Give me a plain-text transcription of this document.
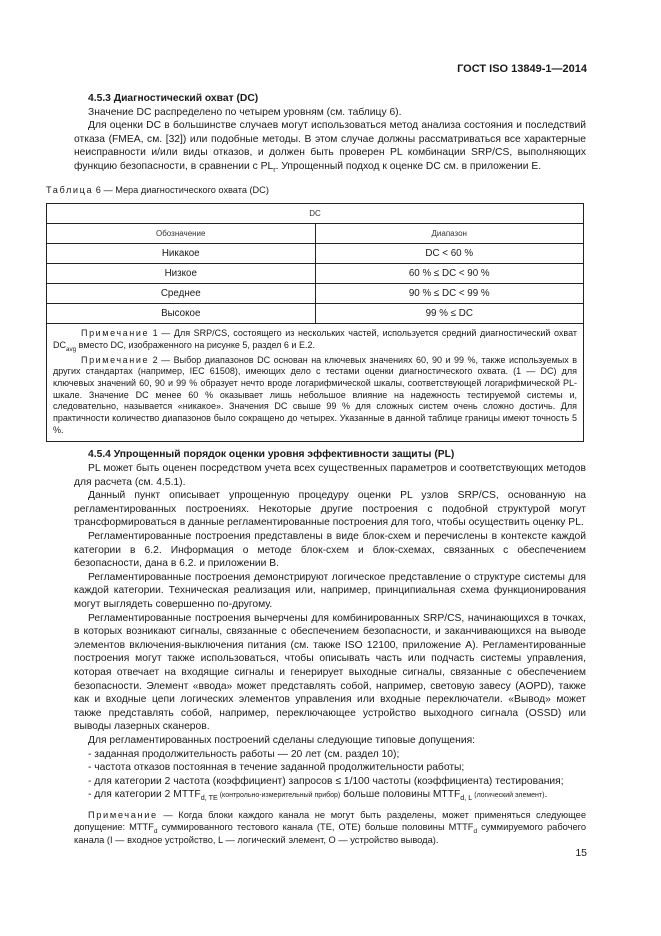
ГОСТ ISO 13849-1—2014

4.5.3 Диагностический охват (DC)

Значение DC распределено по четырем уровням (см. таблицу 6).

Для оценки DC в большинстве случаев могут использоваться метод анализа состояния и последствий отказа (FMEA, см. [32]) или подобные методы. В этом случае должны рассматриваться все характерные неисправности и/или виды отказов, и должен быть проверен PL комбинации SRP/CS, выполняющих функцию безопасности, в сравнении с $PL_r$. Упрощенный подход к оценке DC см. в приложении Е.

Таблица 6 — Мера диагностического охвата (DC)

DC	
Обозначение	Диапазон
Никакое	DC < 60 %
Низкое	60 % ≤ DC < 90 %
Среднее	90 % ≤ DC < 99 %
Высокое	99 % ≤ DC

Примечание 1 — Для SRP/CS, состоящего из нескольких частей, используется средний диагностический охват $DC_{avg}$ вместо DC, изображенного на рисунке 5, раздел 6 и Е.2.

Примечание 2 — Выбор диапазонов DC основан на ключевых значениях 60, 90 и 99 %, также используемых в других стандартах (например, IEC 61508), имеющих дело с тестами оценки диагностического охвата. (1 — DC) для ключевых значений 60, 90 и 99 % образует нечто вроде логарифмической шкалы, соответствующей логарифмической PL-шкале. Значение DC менее 60 % оказывает лишь небольшое влияние на надежность тестируемой системы и, следовательно, называется «никакое». Значения DC свыше 99 % для сложных систем очень сложно достичь. Для практичности количество диапазонов было сокращено до четырех. Указанные в данной таблице границы имеют точность 5 %.	

4.5.4 Упрощенный порядок оценки уровня эффективности защиты (PL)

PL может быть оценен посредством учета всех существенных параметров и соответствующих методов для расчета (см. 4.5.1).

Данный пункт описывает упрощенную процедуру оценки PL узлов SRP/CS, основанную на регламентированных построениях. Некоторые другие построения с подобной структурой могут трансформироваться в данные регламентированные построения для того, чтобы осуществить оценку PL.

Регламентированные построения представлены в виде блок-схем и перечислены в контексте каждой категории в 6.2. Информация о методе блок-схем и блок-схемах, связанных с обеспечением безопасности, дана в 6.2. и приложении В.

Регламентированные построения демонстрируют логическое представление о структуре системы для каждой категории. Техническая реализация или, например, принципиальная схема функционирования могут выглядеть совершенно по-другому.

Регламентированные построения вычерчены для комбинированных SRP/CS, начинающихся в точках, в которых возникают сигналы, связанные с обеспечением безопасности, и заканчивающихся на выводе элементов включения-выключения питания (см. также ISO 12100, приложение А). Регламентированные построения могут также использоваться, чтобы описывать часть или подчасть системы управления, которая отвечает на входящие сигналы и генерирует выходные сигналы, связанные с обеспечением безопасности. Элемент «ввода» может представлять собой, например, световую завесу (AOPD), также как и входные цепи логических элементов управления или входные переключатели. «Вывод» может также представлять собой, например, переключающее устройство выходного сигнала (OSSD) или выводы лазерных сканеров.

Для регламентированных построений сделаны следующие типовые допущения:

- заданная продолжительность работы — 20 лет (см. раздел 10);

- частота отказов постоянная в течение заданной продолжительности работы;

- для категории 2 частота (коэффициент) запросов ≤ 1/100 частоты (коэффициента) тестирования;

- для категории 2 $MTTF_{d, TE}$ (контрольно-измерительный прибор) больше половины $MTTF_{d, L}$ (логический элемент).

Примечание — Когда блоки каждого канала не могут быть разделены, может применяться следующее допущение: $MTTF_d$ суммированного тестового канала (ТЕ, ОТЕ) больше половины $MTTF_d$ суммируемого рабочего канала (I — входное устройство, L — логический элемент, О — устройство вывода).

15
